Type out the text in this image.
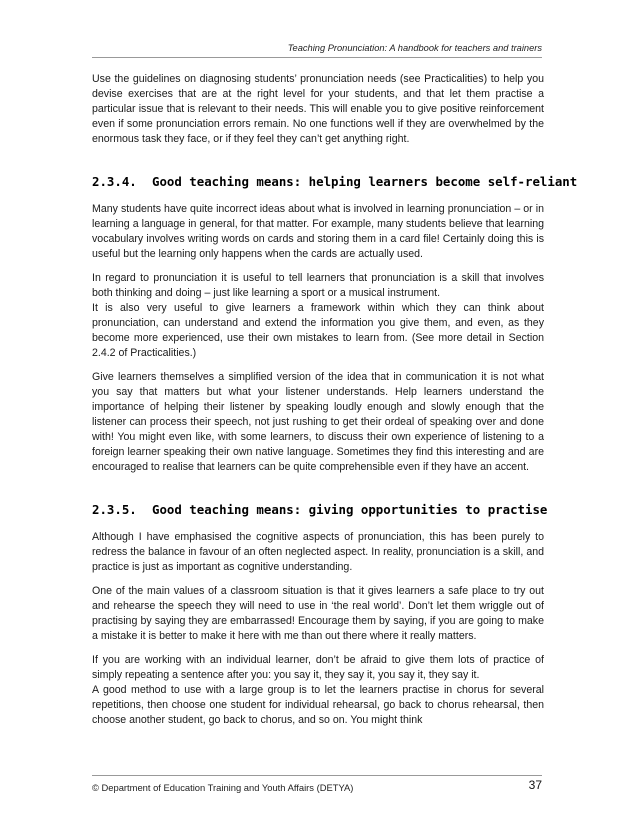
Teaching Pronunciation: A handbook for teachers and trainers

Use the guidelines on diagnosing students’ pronunciation needs (see Practicalities) to help you devise exercises that are at the right level for your students, and that let them practise a particular issue that is relevant to their needs. This will enable you to give positive reinforcement even if some pronunciation errors remain. No one functions well if they are overwhelmed by the enormous task they face, or if they feel they can’t get anything right.

2.3.4.	Good teaching means: helping learners become self-reliant

Many students have quite incorrect ideas about what is involved in learning pronunciation – or in learning a language in general, for that matter. For example, many students believe that learning vocabulary involves writing words on cards and storing them in a card file! Certainly doing this is useful but the learning only happens when the cards are actually used.

In regard to pronunciation it is useful to tell learners that pronunciation is a skill that involves both thinking and doing – just like learning a sport or a musical instrument.

It is also very useful to give learners a framework within which they can think about pronunciation, can understand and extend the information you give them, and even, as they become more experienced, use their own mistakes to learn from. (See more detail in Section 2.4.2 of Practicalities.)

Give learners themselves a simplified version of the idea that in communication it is not what you say that matters but what your listener understands. Help learners understand the importance of helping their listener by speaking loudly enough and slowly enough that the listener can process their speech, not just rushing to get their ordeal of speaking over and done with! You might even like, with some learners, to discuss their own experience of listening to a foreign learner speaking their own native language. Sometimes they find this interesting and are encouraged to realise that learners can be quite comprehensible even if they have an accent.

2.3.5.	Good teaching means: giving opportunities to practise

Although I have emphasised the cognitive aspects of pronunciation, this has been purely to redress the balance in favour of an often neglected aspect. In reality, pronunciation is a skill, and practice is just as important as cognitive understanding.

One of the main values of a classroom situation is that it gives learners a safe place to try out and rehearse the speech they will need to use in ‘the real world’. Don’t let them wriggle out of practising by saying they are embarrassed! Encourage them by saying, if you are going to make a mistake it is better to make it here with me than out there where it really matters.

If you are working with an individual learner, don’t be afraid to give them lots of practice of simply repeating a sentence after you: you say it, they say it, you say it, they say it.

A good method to use with a large group is to let the learners practise in chorus for several repetitions, then choose one student for individual rehearsal, go back to chorus rehearsal, then choose another student, go back to chorus, and so on. You might think

© Department of Education Training and Youth Affairs (DETYA)	37
